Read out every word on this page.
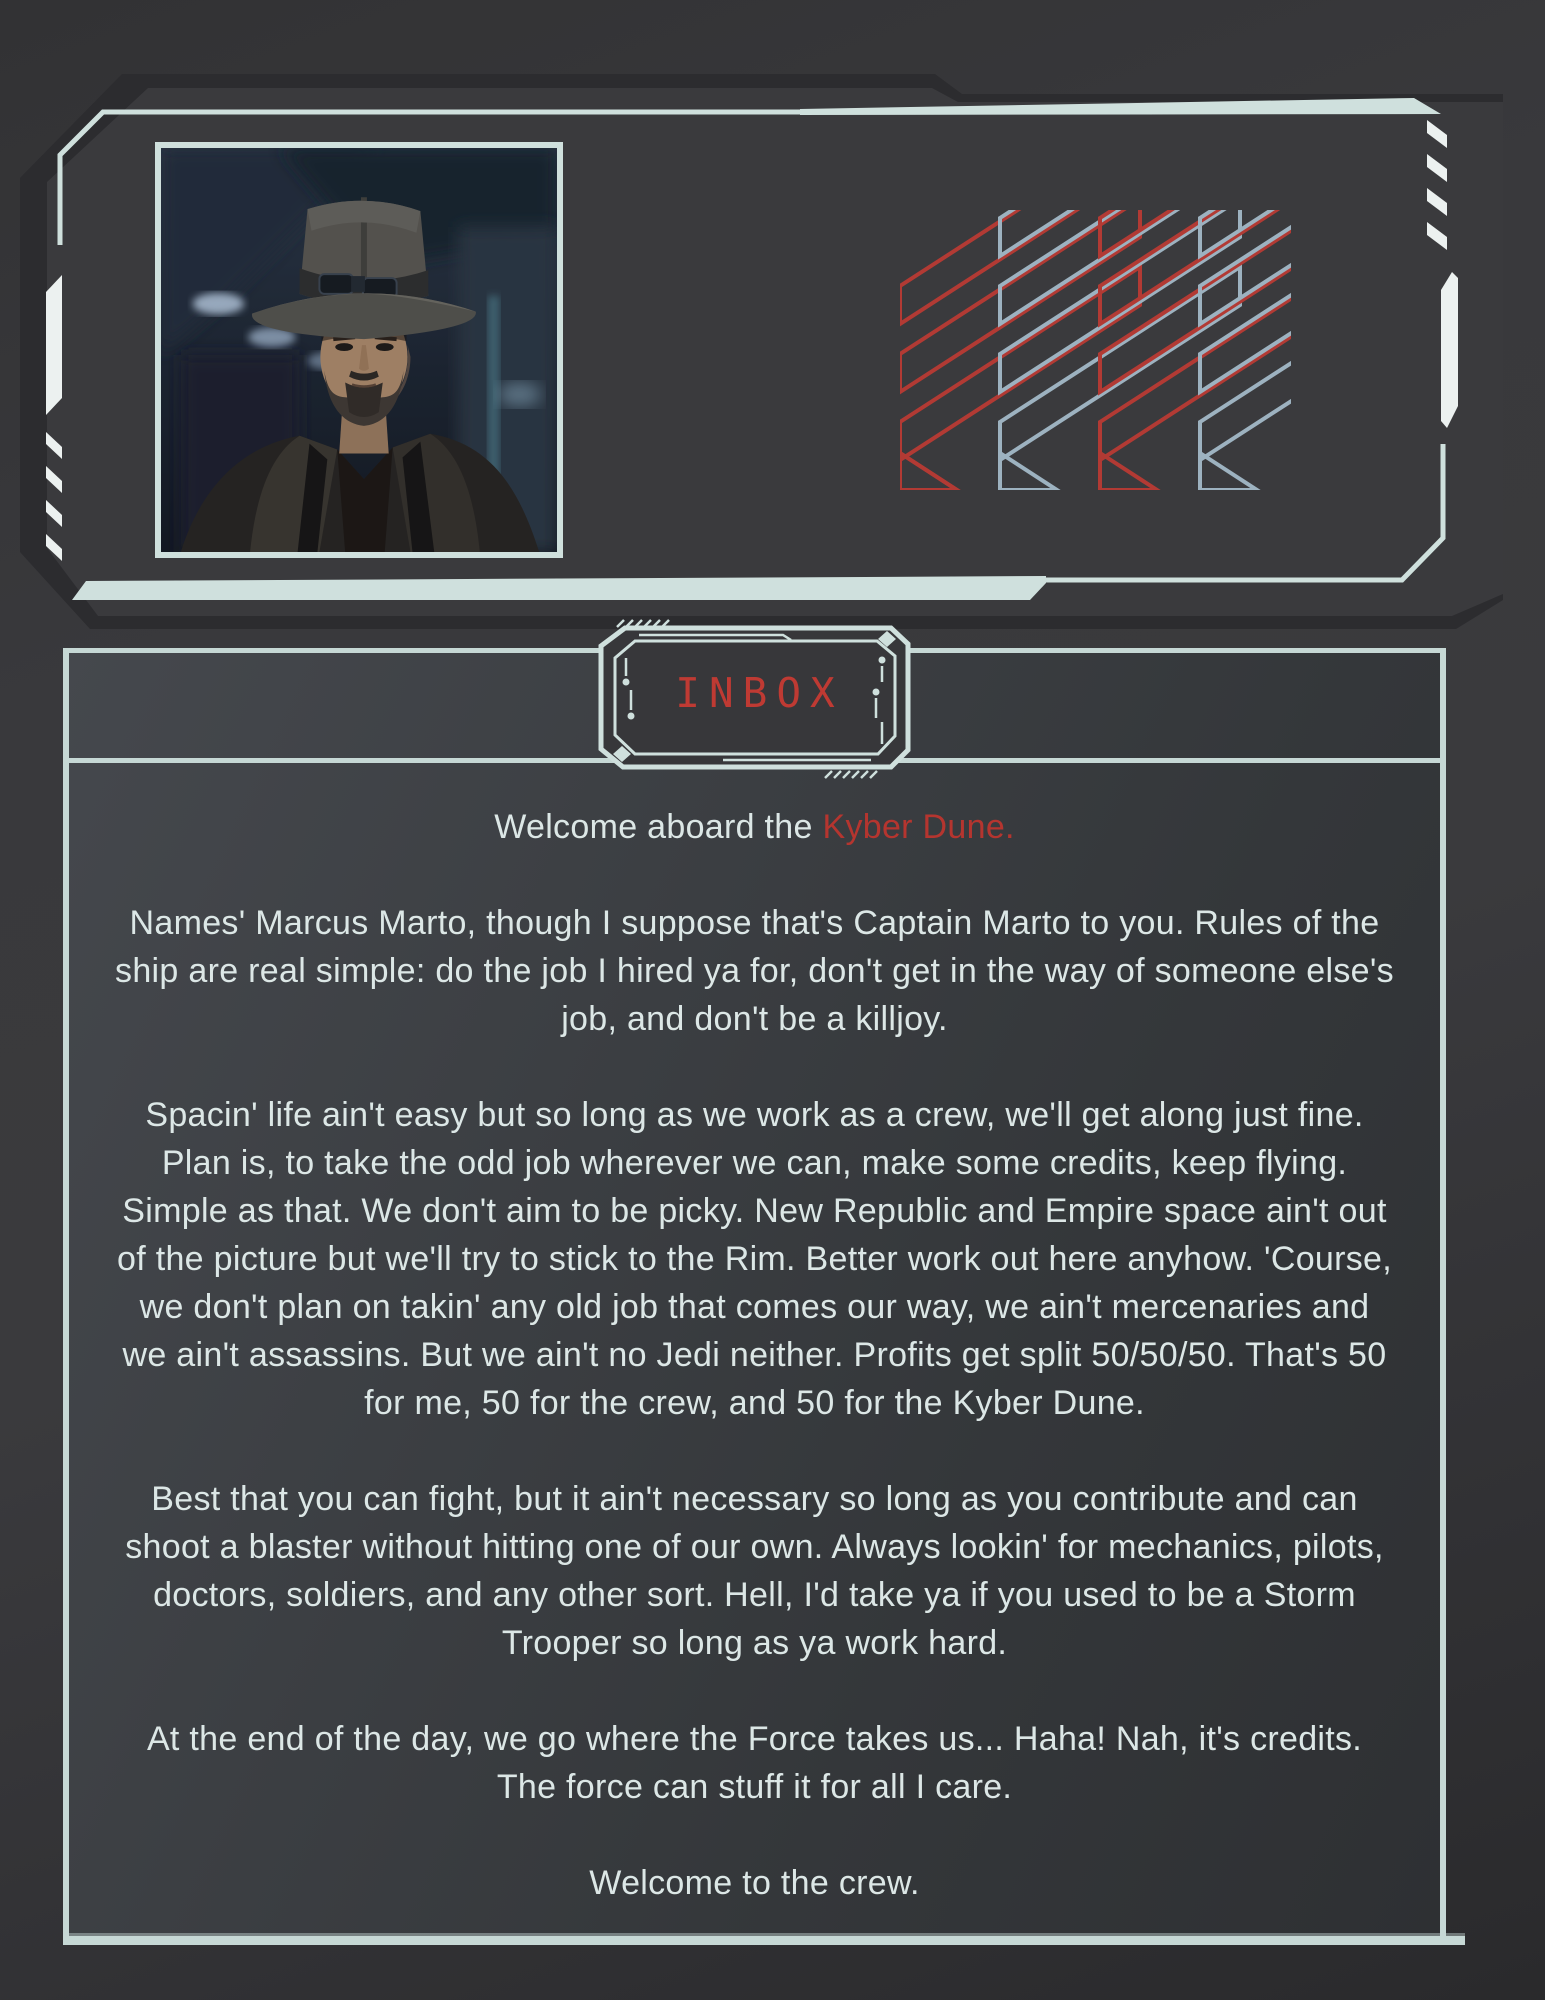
Welcome aboard the Kyber Dune.

Names' Marcus Marto, though I suppose that's Captain Marto to you. Rules of the ship are real simple: do the job I hired ya for, don't get in the way of someone else's job, and don't be a killjoy.

Spacin' life ain't easy but so long as we work as a crew, we'll get along just fine. Plan is, to take the odd job wherever we can, make some credits, keep flying. Simple as that. We don't aim to be picky. New Republic and Empire space ain't out of the picture but we'll try to stick to the Rim. Better work out here anyhow. 'Course, we don't plan on takin' any old job that comes our way, we ain't mercenaries and we ain't assassins. But we ain't no Jedi neither. Profits get split 50/50/50. That's 50 for me, 50 for the crew, and 50 for the Kyber Dune.

Best that you can fight, but it ain't necessary so long as you contribute and can shoot a blaster without hitting one of our own. Always lookin' for mechanics, pilots, doctors, soldiers, and any other sort. Hell, I'd take ya if you used to be a Storm Trooper so long as ya work hard.

At the end of the day, we go where the Force takes us... Haha! Nah, it's credits. The force can stuff it for all I care.

Welcome to the crew.

INBOX
